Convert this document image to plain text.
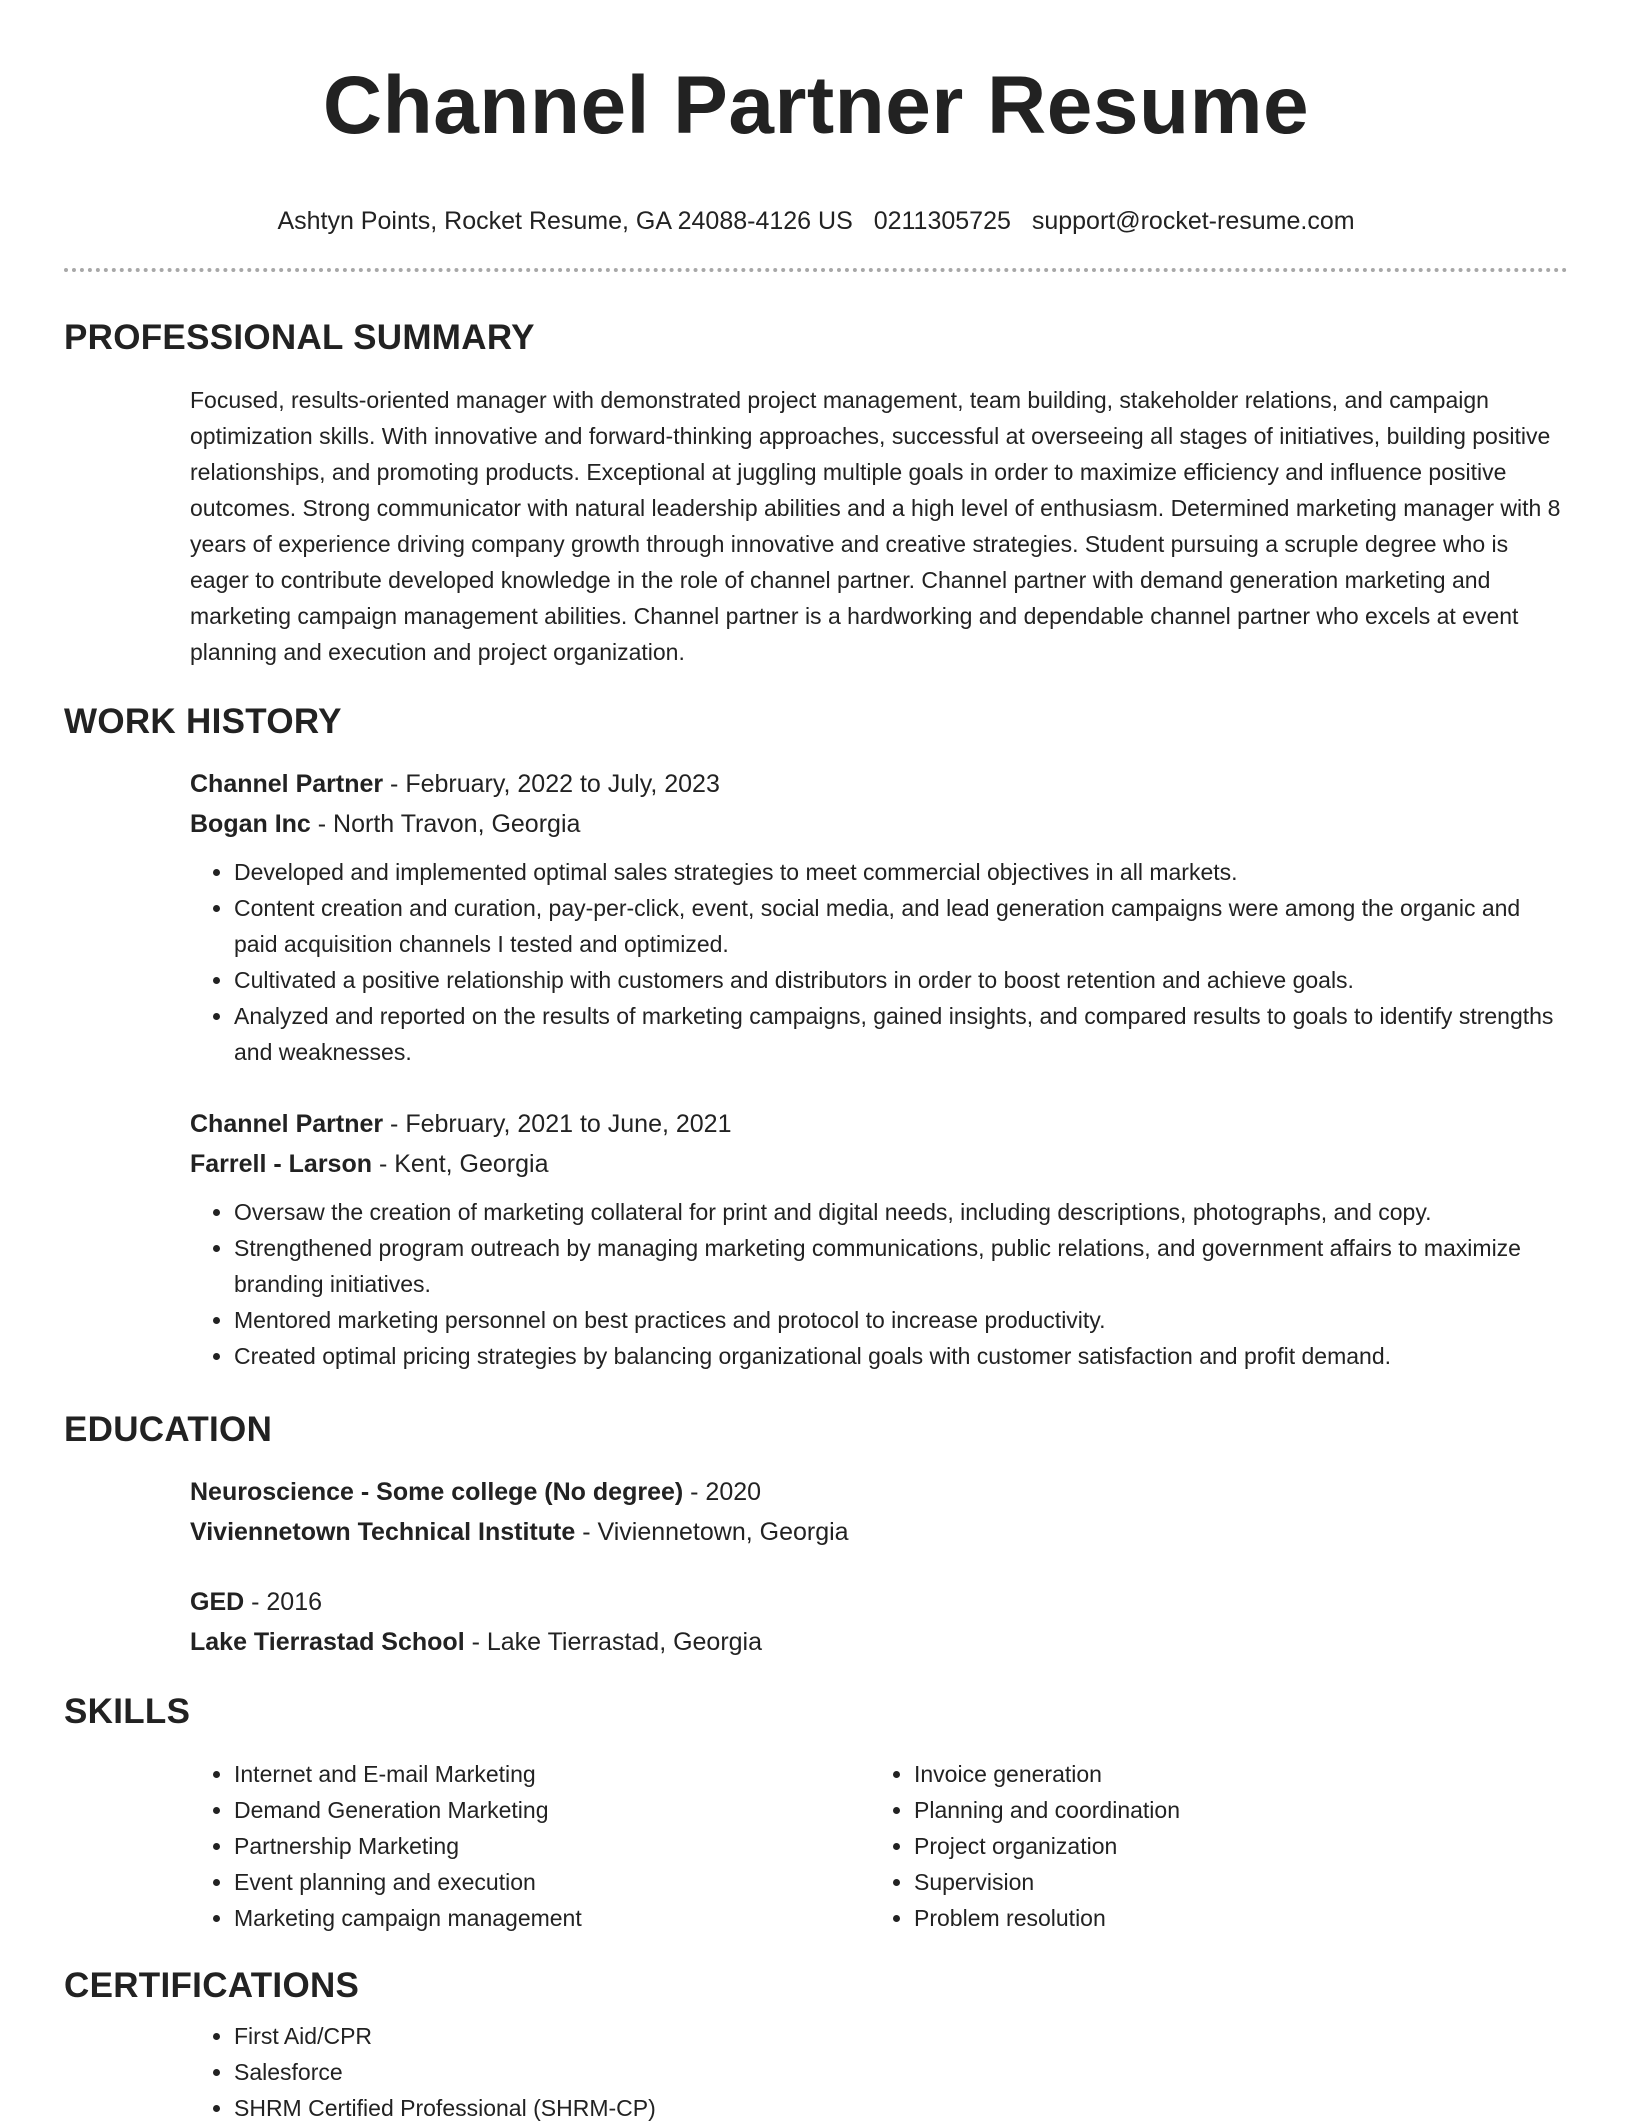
Channel Partner Resume
Ashtyn Points, Rocket Resume, GA 24088-4126 US 0211305725 support@rocket-resume.com
PROFESSIONAL SUMMARY

Focused, results-oriented manager with demonstrated project management, team building, stakeholder relations, and campaign optimization skills. With innovative and forward-thinking approaches, successful at overseeing all stages of initiatives, building positive relationships, and promoting products. Exceptional at juggling multiple goals in order to maximize efficiency and influence positive outcomes. Strong communicator with natural leadership abilities and a high level of enthusiasm. Determined marketing manager with 8 years of experience driving company growth through innovative and creative strategies. Student pursuing a scruple degree who is eager to contribute developed knowledge in the role of channel partner. Channel partner with demand generation marketing and marketing campaign management abilities. Channel partner is a hardworking and dependable channel partner who excels at event planning and execution and project organization.

WORK HISTORY
Channel Partner - February, 2022 to July, 2023
Bogan Inc - North Travon, Georgia
• Developed and implemented optimal sales strategies to meet commercial objectives in all markets.
• Content creation and curation, pay-per-click, event, social media, and lead generation campaigns were among the organic and paid acquisition channels I tested and optimized.
• Cultivated a positive relationship with customers and distributors in order to boost retention and achieve goals.
• Analyzed and reported on the results of marketing campaigns, gained insights, and compared results to goals to identify strengths and weaknesses.
Channel Partner - February, 2021 to June, 2021
Farrell - Larson - Kent, Georgia
• Oversaw the creation of marketing collateral for print and digital needs, including descriptions, photographs, and copy.
• Strengthened program outreach by managing marketing communications, public relations, and government affairs to maximize branding initiatives.
• Mentored marketing personnel on best practices and protocol to increase productivity.
• Created optimal pricing strategies by balancing organizational goals with customer satisfaction and profit demand.
EDUCATION
Neuroscience - Some college (No degree) - 2020
Viviennetown Technical Institute - Viviennetown, Georgia
GED - 2016
Lake Tierrastad School - Lake Tierrastad, Georgia
SKILLS
• Internet and E-mail Marketing
• Demand Generation Marketing
• Partnership Marketing
• Event planning and execution
• Marketing campaign management
• Invoice generation
• Planning and coordination
• Project organization
• Supervision
• Problem resolution
CERTIFICATIONS
• First Aid/CPR
• Salesforce
• SHRM Certified Professional (SHRM-CP)
